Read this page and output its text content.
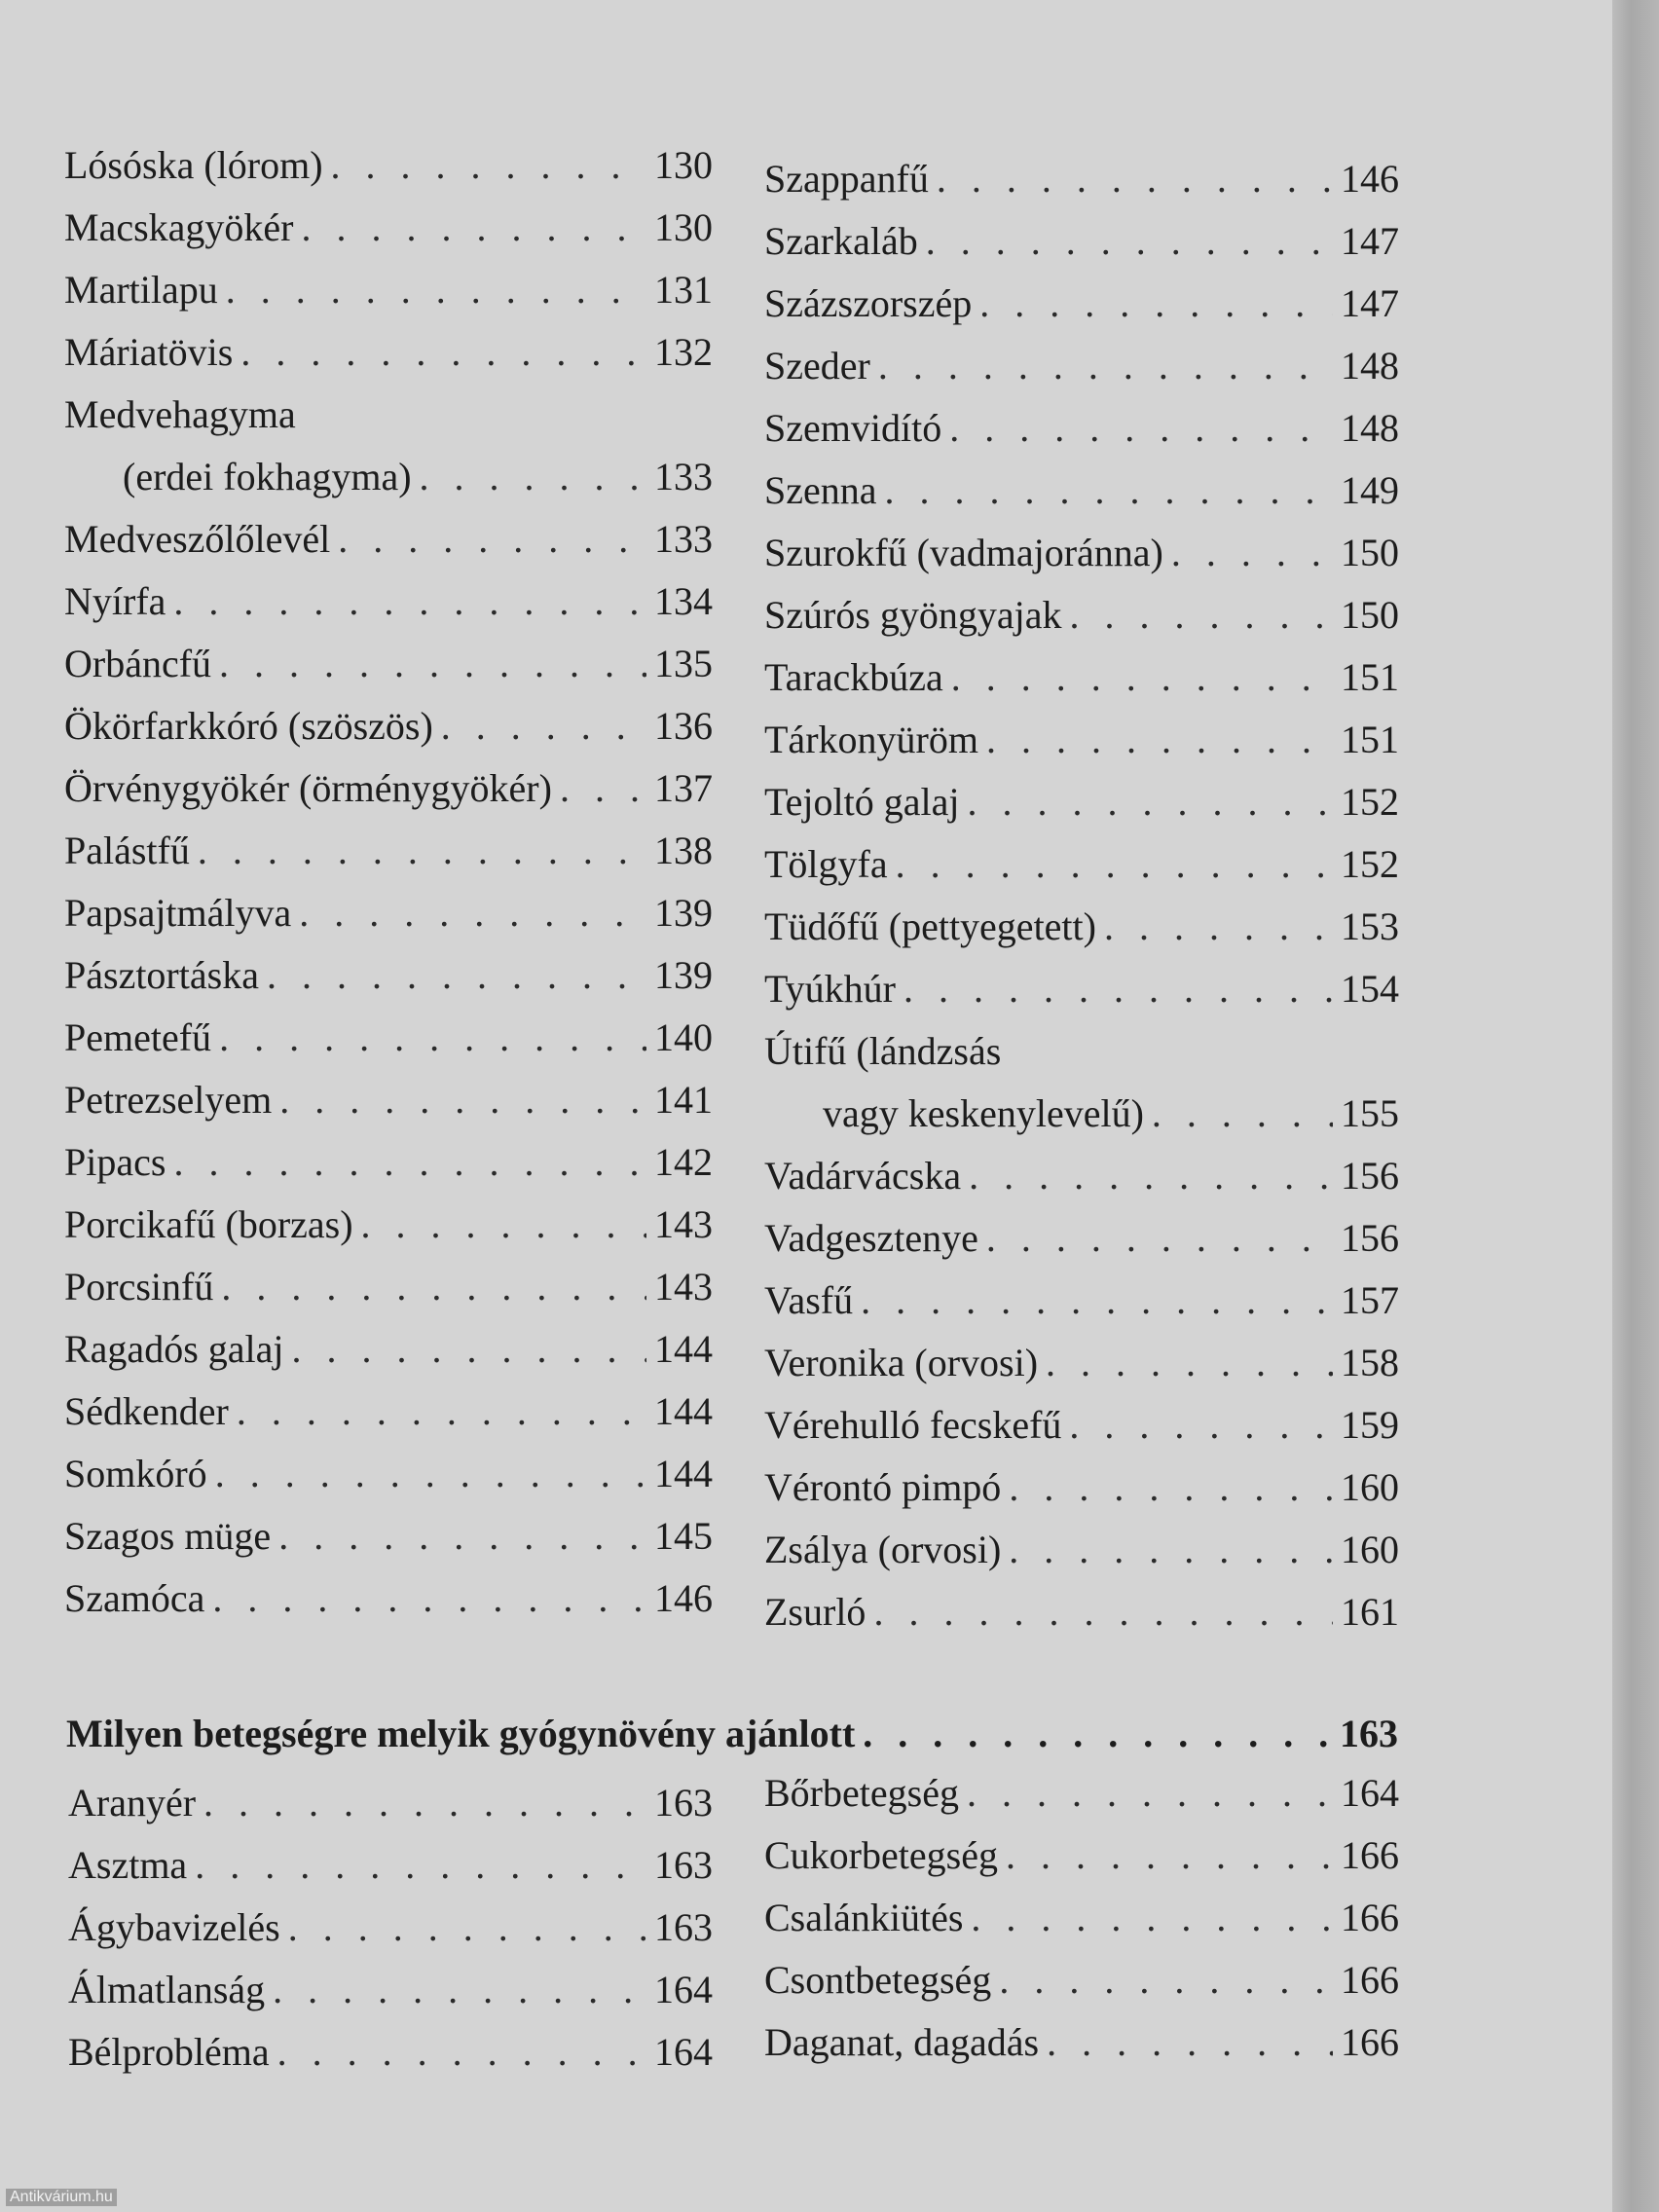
Lósóska (lórom) . . .	130
Macskagyökér . . .	130
Martilapu . . .	131
Máriatövis . . .	132
Medvehagyma
(erdei fokhagyma) . . .	133
Medveszőlőlevél . . .	133
Nyírfa . . .	134
Orbáncfű . . .	135
Ökörfarkkóró (szöszös) . . .	136
Örvénygyökér (örménygyökér) . . .	137
Palástfű . . .	138
Papsajtmályva . . .	139
Pásztortáska . . .	139
Pemetefű . . .	140
Petrezselyem . . .	141
Pipacs . . .	142
Porcikafű (borzas) . . .	143
Porcsinfű . . .	143
Ragadós galaj . . .	144
Sédkender . . .	144
Somkóró . . .	144
Szagos müge . . .	145
Szamóca . . .	146
Szappanfű . . .	146
Szarkaláb . . .	147
Százszorszép . . .	147
Szeder . . .	148
Szemvidító . . .	148
Szenna . . .	149
Szurokfű (vadmajoránna) . . .	150
Szúrós gyöngyajak . . .	150
Tarackbúza . . .	151
Tárkonyüröm . . .	151
Tejoltó galaj . . .	152
Tölgyfa . . .	152
Tüdőfű (pettyegetett) . . .	153
Tyúkhúr . . .	154
Útifű (lándzsás
vagy keskenylevelű) . . .	155
Vadárvácska . . .	156
Vadgesztenye . . .	156
Vasfű . . .	157
Veronika (orvosi) . . .	158
Vérehulló fecskefű . . .	159
Vérontó pimpó . . .	160
Zsálya (orvosi) . . .	160
Zsurló . . .	161
Milyen betegségre melyik gyógynövény ajánlott . . .	163
Aranyér . . .	163
Asztma . . .	163
Ágybavizelés . . .	163
Álmatlanság . . .	164
Bélprobléma . . .	164
Bőrbetegség . . .	164
Cukorbetegség . . .	166
Csalánkiütés . . .	166
Csontbetegség . . .	166
Daganat, dagadás . . .	166
Antikvárium.hu
